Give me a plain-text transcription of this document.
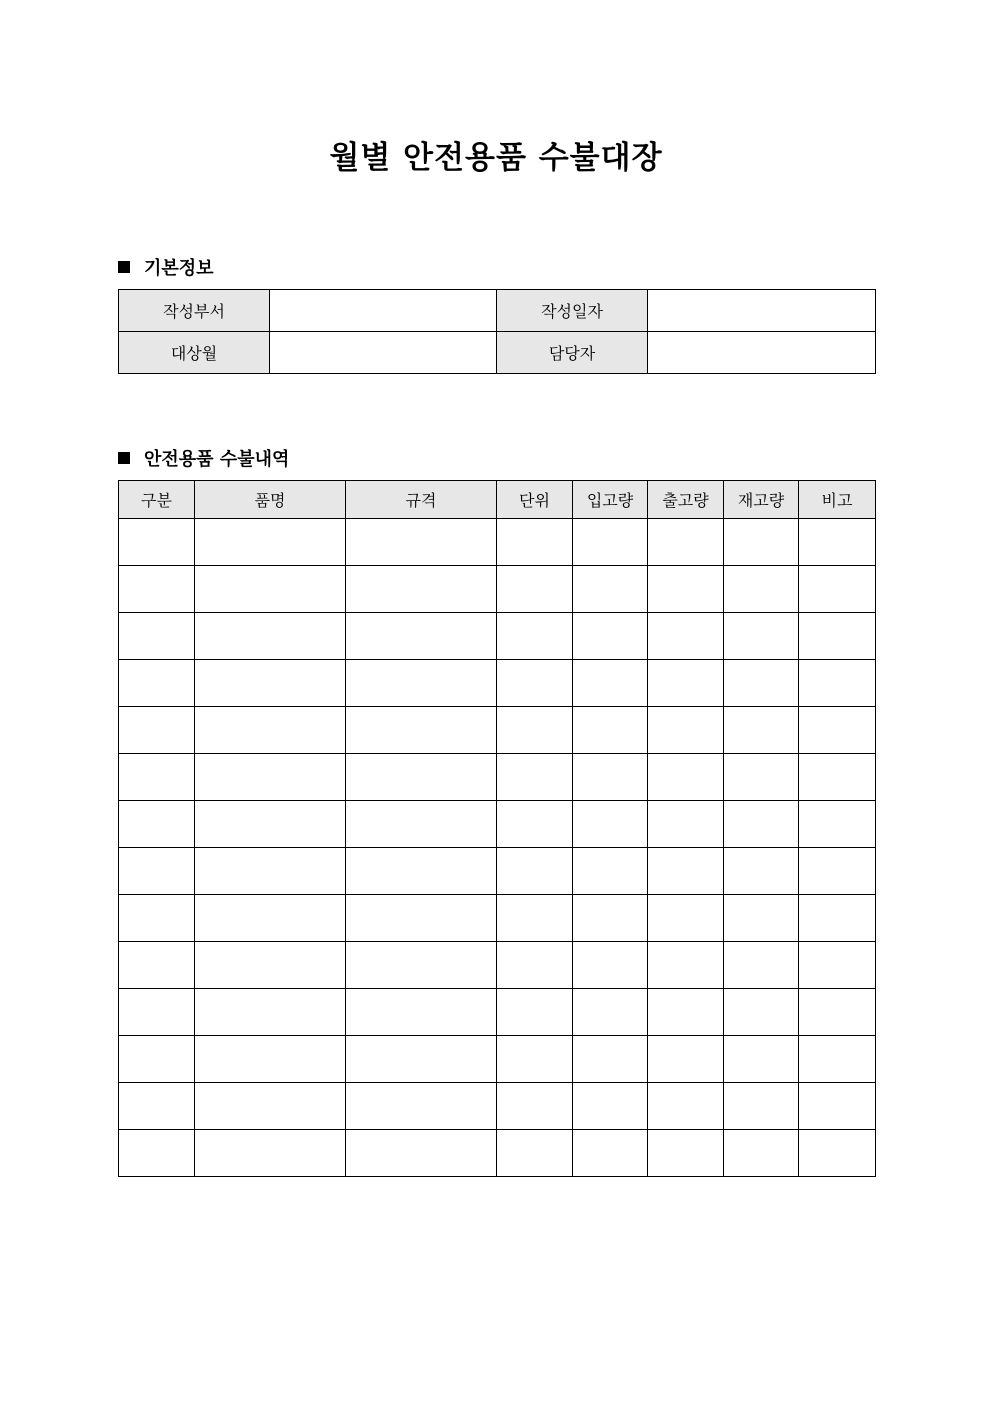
월별 안전용품 수불대장
기본정보
작성부서		작성일자	
대상월		담당자	
안전용품 수불내역
구분	품명	규격	단위	입고량	출고량	재고량	비고
